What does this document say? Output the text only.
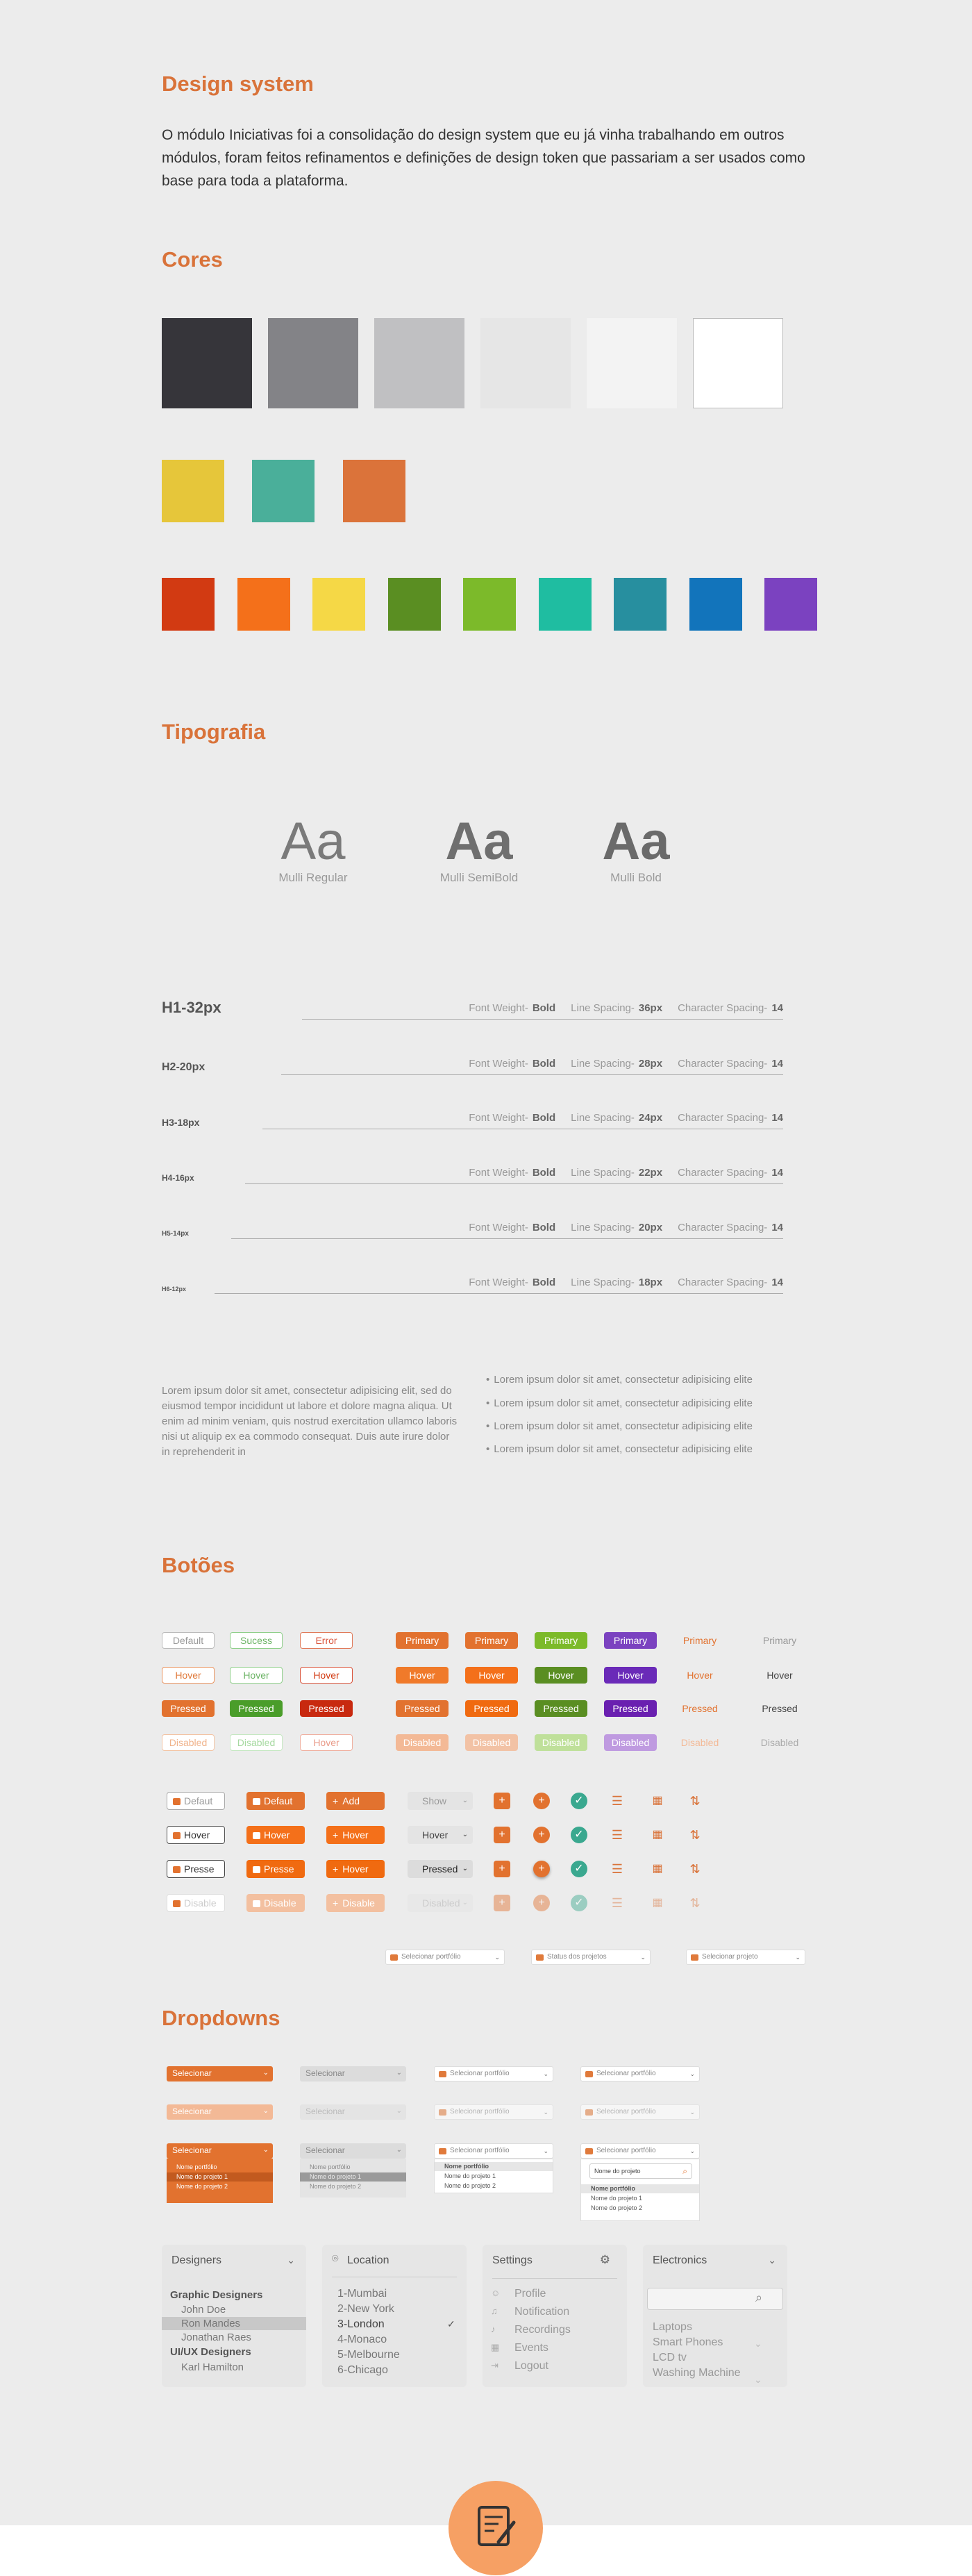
Design system

O módulo Iniciativas foi a consolidação do design system que eu já vinha trabalhando em outros módulos, foram feitos refinamentos e definições de design token que passariam a ser usados como base para toda a plataforma.

Cores
Tipografia
Aa
Mulli Regular
Aa
Mulli SemiBold
Aa
Mulli Bold
H1-32px	Font Weight- Bold Line Spacing- 36px Character Spacing- 14
H2-20px	Font Weight- Bold Line Spacing- 28px Character Spacing- 14
H3-18px	Font Weight- Bold Line Spacing- 24px Character Spacing- 14
H4-16px	Font Weight- Bold Line Spacing- 22px Character Spacing- 14
H5-14px
Font Weight- Bold Line Spacing- 20px Character Spacing- 14
H6-12px
Font Weight- Bold Line Spacing- 18px Character Spacing- 14

Lorem ipsum dolor sit amet, consectetur adipisicing elit, sed do eiusmod tempor incididunt ut labore et dolore magna aliqua. Ut enim ad minim veniam, quis nostrud exercitation ullamco laboris nisi ut aliquip ex ea commodo consequat. Duis aute irure dolor in reprehenderit in

• Lorem ipsum dolor sit amet, consectetur adipisicing elite
• Lorem ipsum dolor sit amet, consectetur adipisicing elite
• Lorem ipsum dolor sit amet, consectetur adipisicing elite
• Lorem ipsum dolor sit amet, consectetur adipisicing elite
Botões
Default	Sucess	Error
Hover	Hover	Hover
Pressed	Pressed	Pressed
Disabled	Disabled	Hover
Primary	Primary	Primary	Primary	Primary	Primary
Hover	Hover	Hover	Hover	Hover	Hover
Pressed	Pressed	Pressed	Pressed	Pressed	Pressed
Disabled	Disabled	Disabled	Disabled	Disabled	Disabled
Defaut	Defaut	+ Add	Show ⌄	+	+	✓ ☰	▦ ⇅
Hover	Hover	+ Hover	Hover ⌄	+	+	✓ ☰	▦ ⇅
Presse	Presse	+ Hover	Pressed ⌄	+	+	✓ ☰	▦ ⇅
Disable	Disable	+ Disable	Disabled ⌄	+	+	✓ ☰	▦ ⇅
Selecionar portfólio	⌄	Status dos projetos	⌄	Selecionar projeto	⌄
Dropdowns
Selecionar	⌄	Selecionar	⌄	Selecionar portfólio	⌄	Selecionar portfólio	⌄
Selecionar	⌄	Selecionar	⌄	Selecionar portfólio	⌄	Selecionar portfólio	⌄
Selecionar	⌄	Selecionar	⌄	Selecionar portfólio	⌄	Selecionar portfólio	⌄
Nome portfólio
Nome do projeto 1
Nome do projeto 2
Nome portfólio
Nome do projeto 1
Nome do projeto 2
Nome portfólio
Nome do projeto 1
Nome do projeto 2
Nome do projeto	⌕
Nome portfólio
Nome do projeto 1
Nome do projeto 2
Designers	⌄
Graphic Designers
John Doe
Ron Mandes
Jonathan Raes
UI/UX Designers
Karl Hamilton
⌾ Location
1-Mumbai
2-New York
3-London	✓
4-Monaco
5-Melbourne
6-Chicago
Settings	⚙
☺ Profile
♫ Notification
♪ Recordings
▦ Events
⇥ Logout
Electronics	⌄
⌕
Laptops
Smart Phones	⌄
LCD tv
Washing Machine
⌄
